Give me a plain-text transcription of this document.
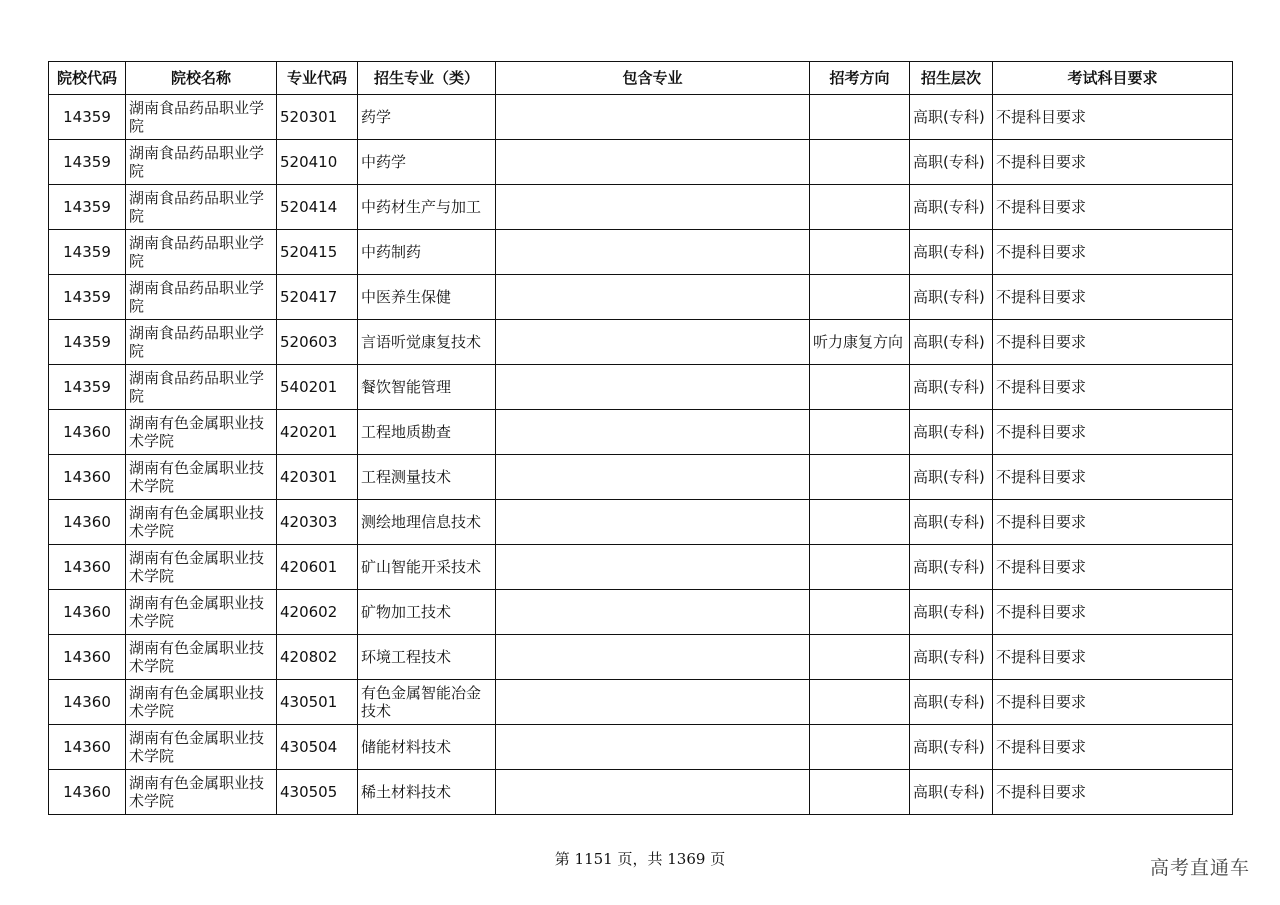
院校代码	院校名称	专业代码	招生专业（类）	包含专业	招考方向	招生层次	考试科目要求
14359	湖南食品药品职业学院	520301	药学			高职(专科)	不提科目要求
14359	湖南食品药品职业学院	520410	中药学			高职(专科)	不提科目要求
14359	湖南食品药品职业学院	520414	中药材生产与加工			高职(专科)	不提科目要求
14359	湖南食品药品职业学院	520415	中药制药			高职(专科)	不提科目要求
14359	湖南食品药品职业学院	520417	中医养生保健			高职(专科)	不提科目要求
14359	湖南食品药品职业学院	520603	言语听觉康复技术		听力康复方向	高职(专科)	不提科目要求
14359	湖南食品药品职业学院	540201	餐饮智能管理			高职(专科)	不提科目要求
14360	湖南有色金属职业技术学院	420201	工程地质勘查			高职(专科)	不提科目要求
14360	湖南有色金属职业技术学院	420301	工程测量技术			高职(专科)	不提科目要求
14360	湖南有色金属职业技术学院	420303	测绘地理信息技术			高职(专科)	不提科目要求
14360	湖南有色金属职业技术学院	420601	矿山智能开采技术			高职(专科)	不提科目要求
14360	湖南有色金属职业技术学院	420602	矿物加工技术			高职(专科)	不提科目要求
14360	湖南有色金属职业技术学院	420802	环境工程技术			高职(专科)	不提科目要求
14360	湖南有色金属职业技术学院	430501	有色金属智能冶金技术			高职(专科)	不提科目要求
14360	湖南有色金属职业技术学院	430504	储能材料技术			高职(专科)	不提科目要求
14360	湖南有色金属职业技术学院	430505	稀土材料技术			高职(专科)	不提科目要求
第 1151 页，共 1369 页	高考直通车
